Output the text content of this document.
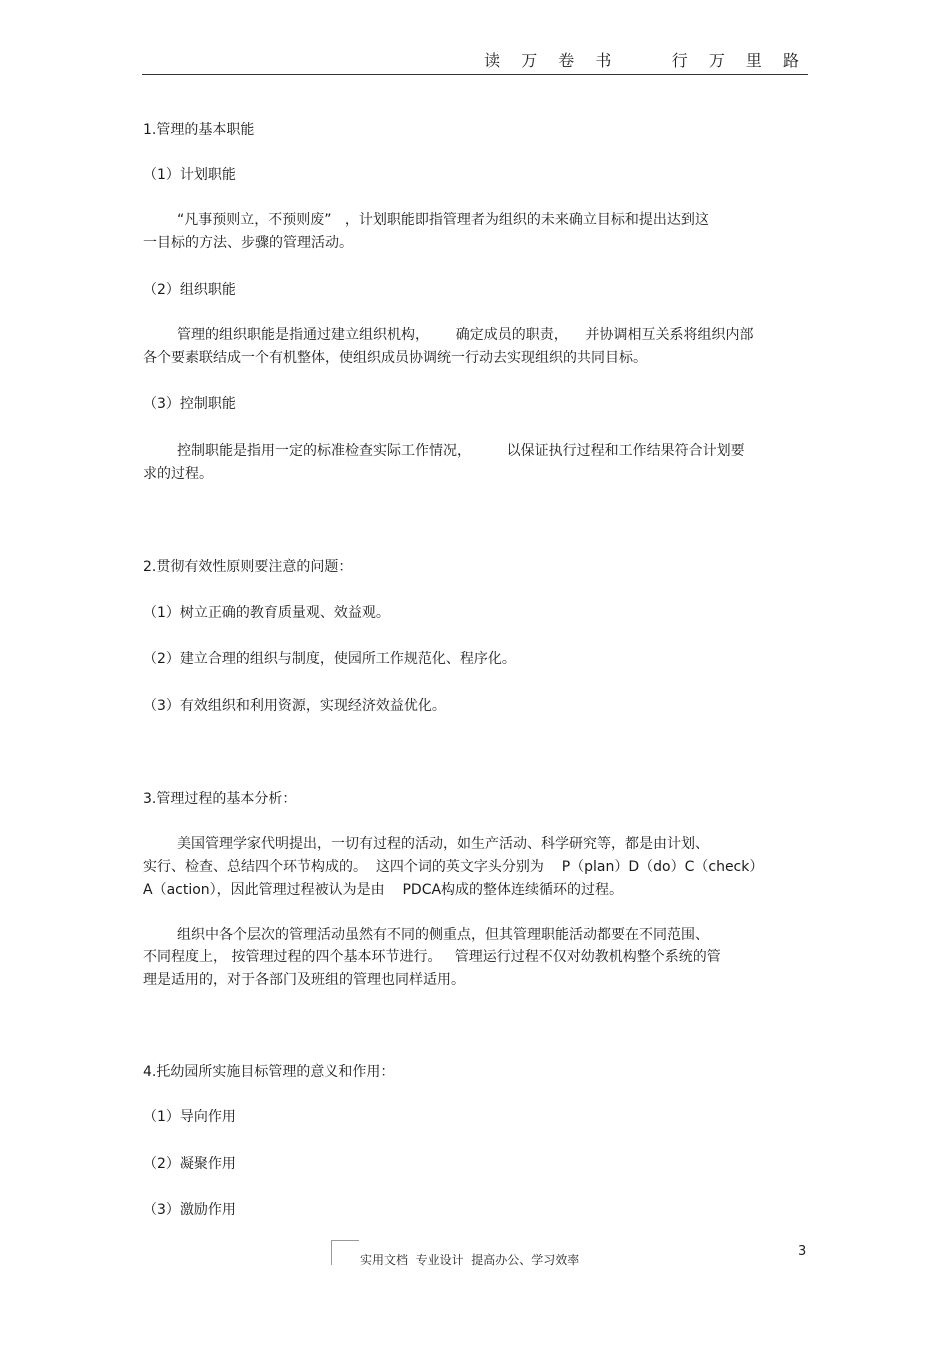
读 万 卷 书    行 万 里 路
1.管理的基本职能
（1）计划职能
“凡事预则立，不预则废”   ，计划职能即指管理者为组织的未来确立目标和提出达到这
一目标的方法、步骤的管理活动。
（2）组织职能
管理的组织职能是指通过建立组织机构，      确定成员的职责，    并协调相互关系将组织内部
各个要素联结成一个有机整体，使组织成员协调统一行动去实现组织的共同目标。
（3）控制职能
控制职能是指用一定的标准检查实际工作情况，        以保证执行过程和工作结果符合计划要
求的过程。
2.贯彻有效性原则要注意的问题：
（1）树立正确的教育质量观、效益观。
（2）建立合理的组织与制度，使园所工作规范化、程序化。
（3）有效组织和利用资源，实现经济效益优化。
3.管理过程的基本分析：
美国管理学家代明提出，一切有过程的活动，如生产活动、科学研究等，都是由计划、
实行、检查、总结四个环节构成的。  这四个词的英文字头分别为    P（plan）D（do）C（check）
A（action），因此管理过程被认为是由    PDCA构成的整体连续循环的过程。
组织中各个层次的管理活动虽然有不同的侧重点，但其管理职能活动都要在不同范围、
不同程度上， 按管理过程的四个基本环节进行。   管理运行过程不仅对幼教机构整个系统的管
理是适用的，对于各部门及班组的管理也同样适用。
4.托幼园所实施目标管理的意义和作用：
（1）导向作用
（2）凝聚作用
（3）激励作用
3
实用文档  专业设计  提高办公、学习效率
